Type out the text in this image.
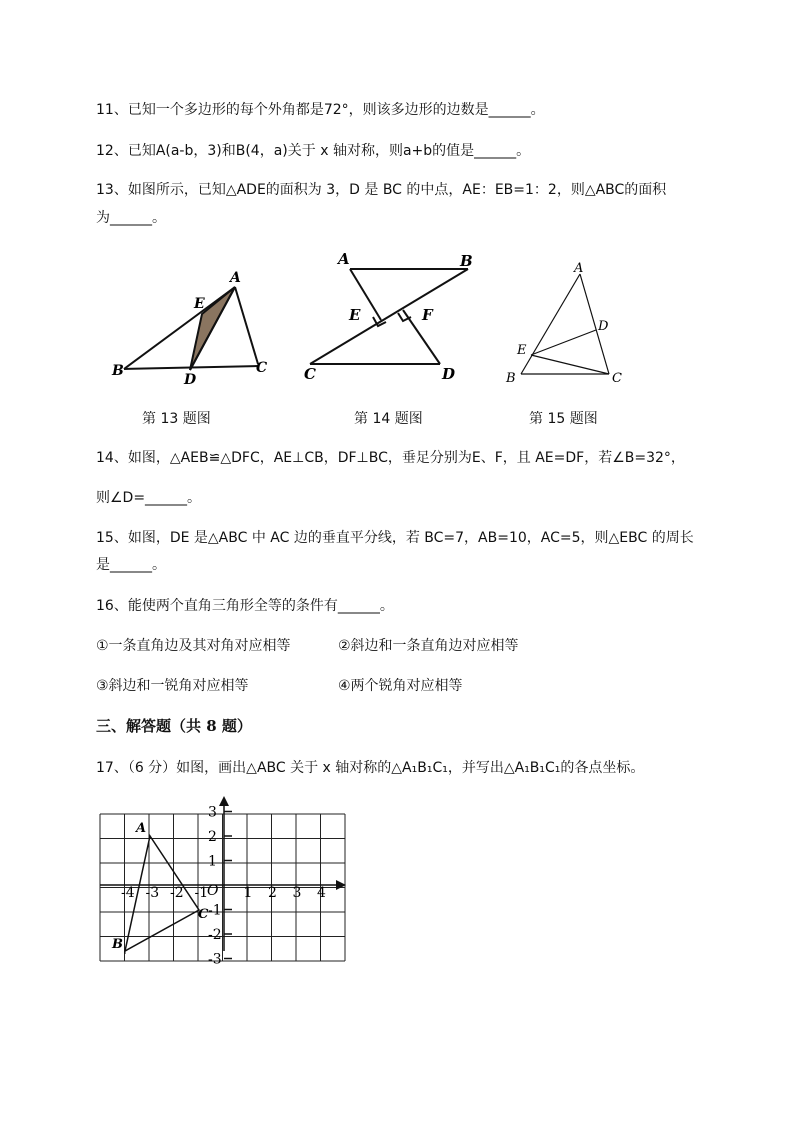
11、已知一个多边形的每个外角都是72°，则该多边形的边数是______。
12、已知A(a-b，3)和B(4，a)关于 x 轴对称，则a+b的值是______。
13、如图所示，已知△ADE的面积为 3，D 是 BC 的中点，AE：EB=1：2，则△ABC的面积
为______。
A
E
B
D
C
A	B
E	F
C	D
A
D
E
B	C
第 13 题图	第 14 题图	第 15 题图
14、如图，△AEB≌△DFC，AE⊥CB，DF⊥BC，垂足分别为E、F，且 AE=DF，若∠B=32°，
则∠D=______。
15、如图，DE 是△ABC 中 AC 边的垂直平分线，若 BC=7，AB=10，AC=5，则△EBC 的周长
是______。
16、能使两个直角三角形全等的条件有______。
①一条直角边及其对角对应相等	②斜边和一条直角边对应相等
③斜边和一锐角对应相等	④两个锐角对应相等
三、解答题（共 8 题）
17、（6 分）如图，画出△ABC 关于 x 轴对称的△A₁B₁C₁，并写出△A₁B₁C₁的各点坐标。
A
B
C
O
-4 -3 -2 -1	1 2 3 4
3
2
1
-1
-2
-3
